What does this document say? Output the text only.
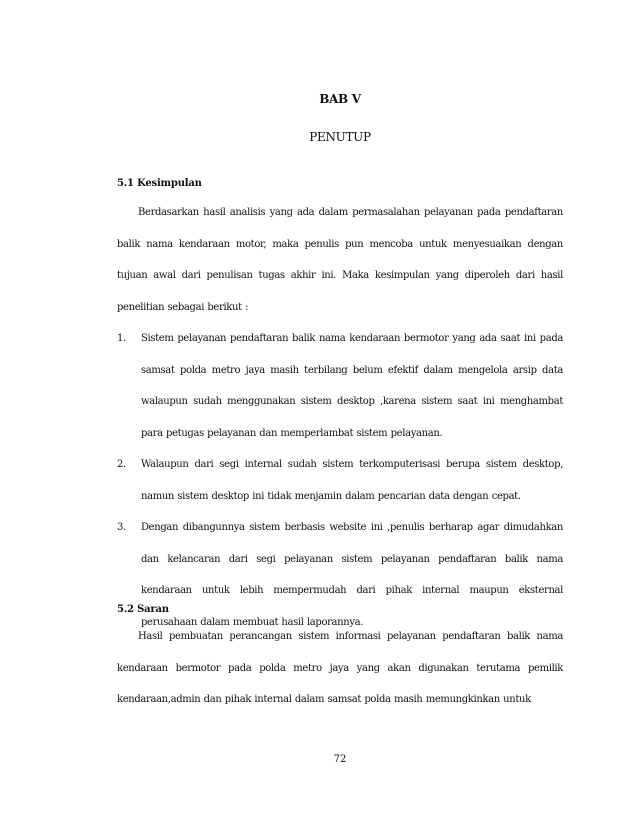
BAB V
PENUTUP
5.1 Kesimpulan

Berdasarkan hasil analisis yang ada dalam permasalahan pelayanan pada pendaftaran balik nama kendaraan motor, maka penulis pun mencoba untuk menyesuaikan dengan tujuan awal dari penulisan tugas akhir ini. Maka kesimpulan yang diperoleh dari hasil penelitian sebagai berikut :

1. Sistem pelayanan pendaftaran balik nama kendaraan bermotor yang ada saat ini pada samsat polda metro jaya masih terbilang belum efektif dalam mengelola arsip data walaupun sudah menggunakan sistem desktop ,karena sistem saat ini menghambat para petugas pelayanan dan memperlambat sistem pelayanan.
2. Walaupun dari segi internal sudah sistem terkomputerisasi berupa sistem desktop, namun sistem desktop ini tidak menjamin dalam pencarian data dengan cepat.
3. Dengan dibangunnya sistem berbasis website ini ,penulis berharap agar dimudahkan dan kelancaran dari segi pelayanan sistem pelayanan pendaftaran balik nama kendaraan untuk lebih mempermudah dari pihak internal maupun eksternal perusahaan dalam membuat hasil laporannya.
5.2 Saran

Hasil pembuatan perancangan sistem informasi pelayanan pendaftaran balik nama kendaraan bermotor pada polda metro jaya yang akan digunakan terutama pemilik kendaraan,admin dan pihak internal dalam samsat polda masih memungkinkan untuk

72
